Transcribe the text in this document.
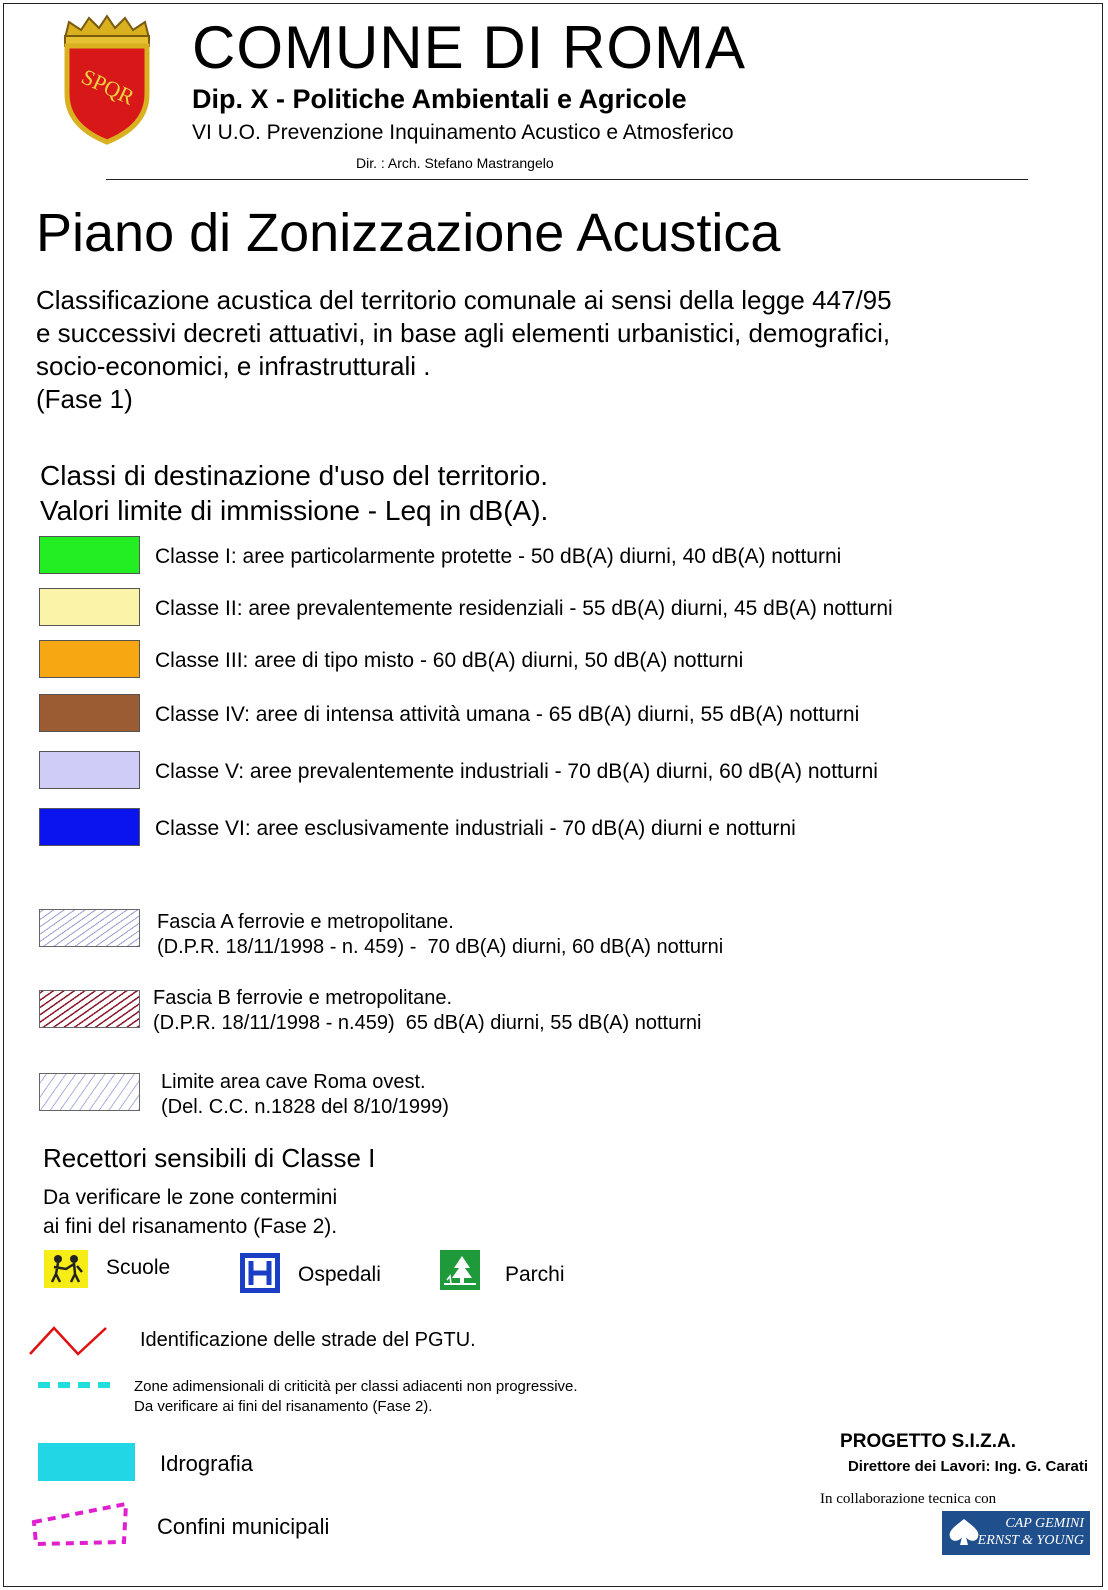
SPQR
COMUNE DI ROMA
Dip. X - Politiche Ambientali e Agricole
VI U.O. Prevenzione Inquinamento Acustico e Atmosferico
Dir. : Arch. Stefano Mastrangelo
Piano di Zonizzazione Acustica
Classificazione acustica del territorio comunale ai sensi della legge 447/95
e successivi decreti attuativi, in base agli elementi urbanistici, demografici,
socio-economici, e infrastrutturali .
(Fase 1)
Classi di destinazione d'uso del territorio.
Valori limite di immissione - Leq in dB(A).
Classe I: aree particolarmente protette - 50 dB(A) diurni, 40 dB(A) notturni
Classe II: aree prevalentemente residenziali - 55 dB(A) diurni, 45 dB(A) notturni
Classe III: aree di tipo misto - 60 dB(A) diurni, 50 dB(A) notturni
Classe IV: aree di intensa attività umana - 65 dB(A) diurni, 55 dB(A) notturni
Classe V: aree prevalentemente industriali - 70 dB(A) diurni, 60 dB(A) notturni
Classe VI: aree esclusivamente industriali - 70 dB(A) diurni e notturni
Fascia A ferrovie e metropolitane.
(D.P.R. 18/11/1998 - n. 459) -  70 dB(A) diurni, 60 dB(A) notturni
Fascia B ferrovie e metropolitane.
(D.P.R. 18/11/1998 - n.459)  65 dB(A) diurni, 55 dB(A) notturni
Limite area cave Roma ovest.
(Del. C.C. n.1828 del 8/10/1999)
Recettori sensibili di Classe I
Da verificare le zone contermini
ai fini del risanamento (Fase 2).
Scuole	Ospedali	Parchi
Identificazione delle strade del PGTU.
Zone adimensionali di criticità per classi adiacenti non progressive.
Da verificare ai fini del risanamento (Fase 2).
Idrografia
Confini municipali
PROGETTO S.I.Z.A.
Direttore dei Lavori: Ing. G. Carati
In collaborazione tecnica con
CAP GEMINI
ERNST & YOUNG
